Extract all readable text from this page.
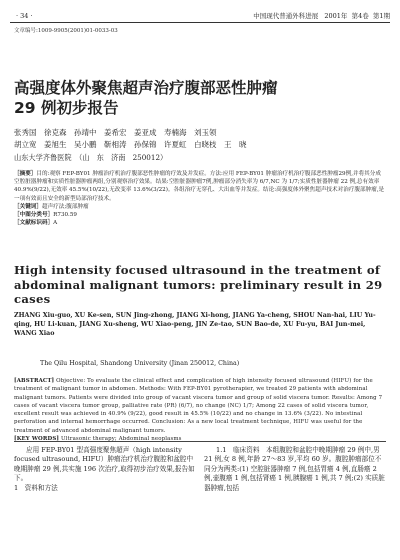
· 34 ·	中国现代普通外科进展 2001年 第4卷 第1期
文章编号:1009-9905(2001)01-0033-03
高强度体外聚焦超声治疗腹部恶性肿瘤
29 例初步报告
张秀国　徐克森　孙靖中　姜希宏　姜亚成　寿楠海　刘玉领
胡立宽　姜旭生　吴小鹏　靳相涛　孙保锦　许夏虹　白晓枝　王　晓
山东大学齐鲁医院　（山　东　济南　250012）

［摘要］目的:观察 FEP-BY01 肿瘤治疗机治疗腹部恶性肿瘤的疗效及并发症。方法:应用 FEP-BY01 肿瘤治疗机治疗腹部恶性肿瘤29例,并将其分成空腔脏器肿瘤和实质性脏器肿瘤两组,分别观察治疗效果。结果:空腔脏器肿瘤7例,肿瘤部分消失率为 6/7,NC 为 1/7;实质性脏器肿瘤 22 例,总有效率 40.9%(9/22),无效率 45.5%(10/22),无改变率 13.6%(3/22)。各组治疗无穿孔、大出血等并发症。结论:高强度体外聚焦超声技术对治疗腹部肿瘤,是一项有效而且安全的新型局部治疗技术。

［关键词］超声疗法;腹部肿瘤

［中图分类号］R730.59

［文献标识码］A

High intensity focused ultrasound in the treatment of
abdominal malignant tumors: preliminary result in 29
cases
ZHANG Xiu-guo, XU Ke-sen, SUN Jing-zhong, JIANG Xi-hong, JIANG Ya-cheng, SHOU Nan-hai, LIU Yu-qing, HU Li-kuan, JIANG Xu-sheng, WU Xiao-peng, JIN Ze-tao, SUN Bao-de, XU Fu-yu, BAI Jun-mei, WANG Xiao
The Qilu Hospital, Shandong University (Jinan 250012, China)

[ABSTRACT] Objective: To evaluate the clinical effect and complication of high intensity focused ultrasound (HIFU) for the treatment of malignant tumor in abdomen. Methods: With FEP-BY01 pyrotherapier, we treated 29 patients with abdominal malignant tumors. Patients were divided into group of vacant viscera tumor and group of solid viscera tumor. Results: Among 7 cases of vacant viscera tumor group, palliative rate (PR) (6/7), no change (NC) 1/7; Among 22 cases of solid viscera tumor, excellent result was achieved in 40.9% (9/22), good result in 45.5% (10/22) and no change in 13.6% (3/22). No intestinal perforation and internal hemorrhage occurred. Conclusion: As a new local treatment technique, HIFU was useful for the treatment of advanced abdominal malignant tumors.

[KEY WORDS] Ultrasonic therapy; Abdominal neoplasms

应用 FEP-BY01 型高强度聚焦超声（high intensity focused ultrasound, HIFU）肿瘤治疗机治疗腹腔和盆腔中晚期肿瘤 29 例,共实施 196 次治疗,取得初步治疗效果,报告如下。

1　资料和方法

1.1　临床资料　本组腹腔和盆腔中晚期肿瘤 29 例中,男 21 例,女 8 例,年龄 27～83 岁,平均 60 岁。腹腔肿瘤部位不同分为两类:(1) 空腔脏器肿瘤 7 例,包括胃癌 4 例,直肠癌 2 例,壶腹癌 1 例,包括肾癌 1 例,胰腺癌 1 例,共 7 例;(2) 实质脏器肿瘤,包括
